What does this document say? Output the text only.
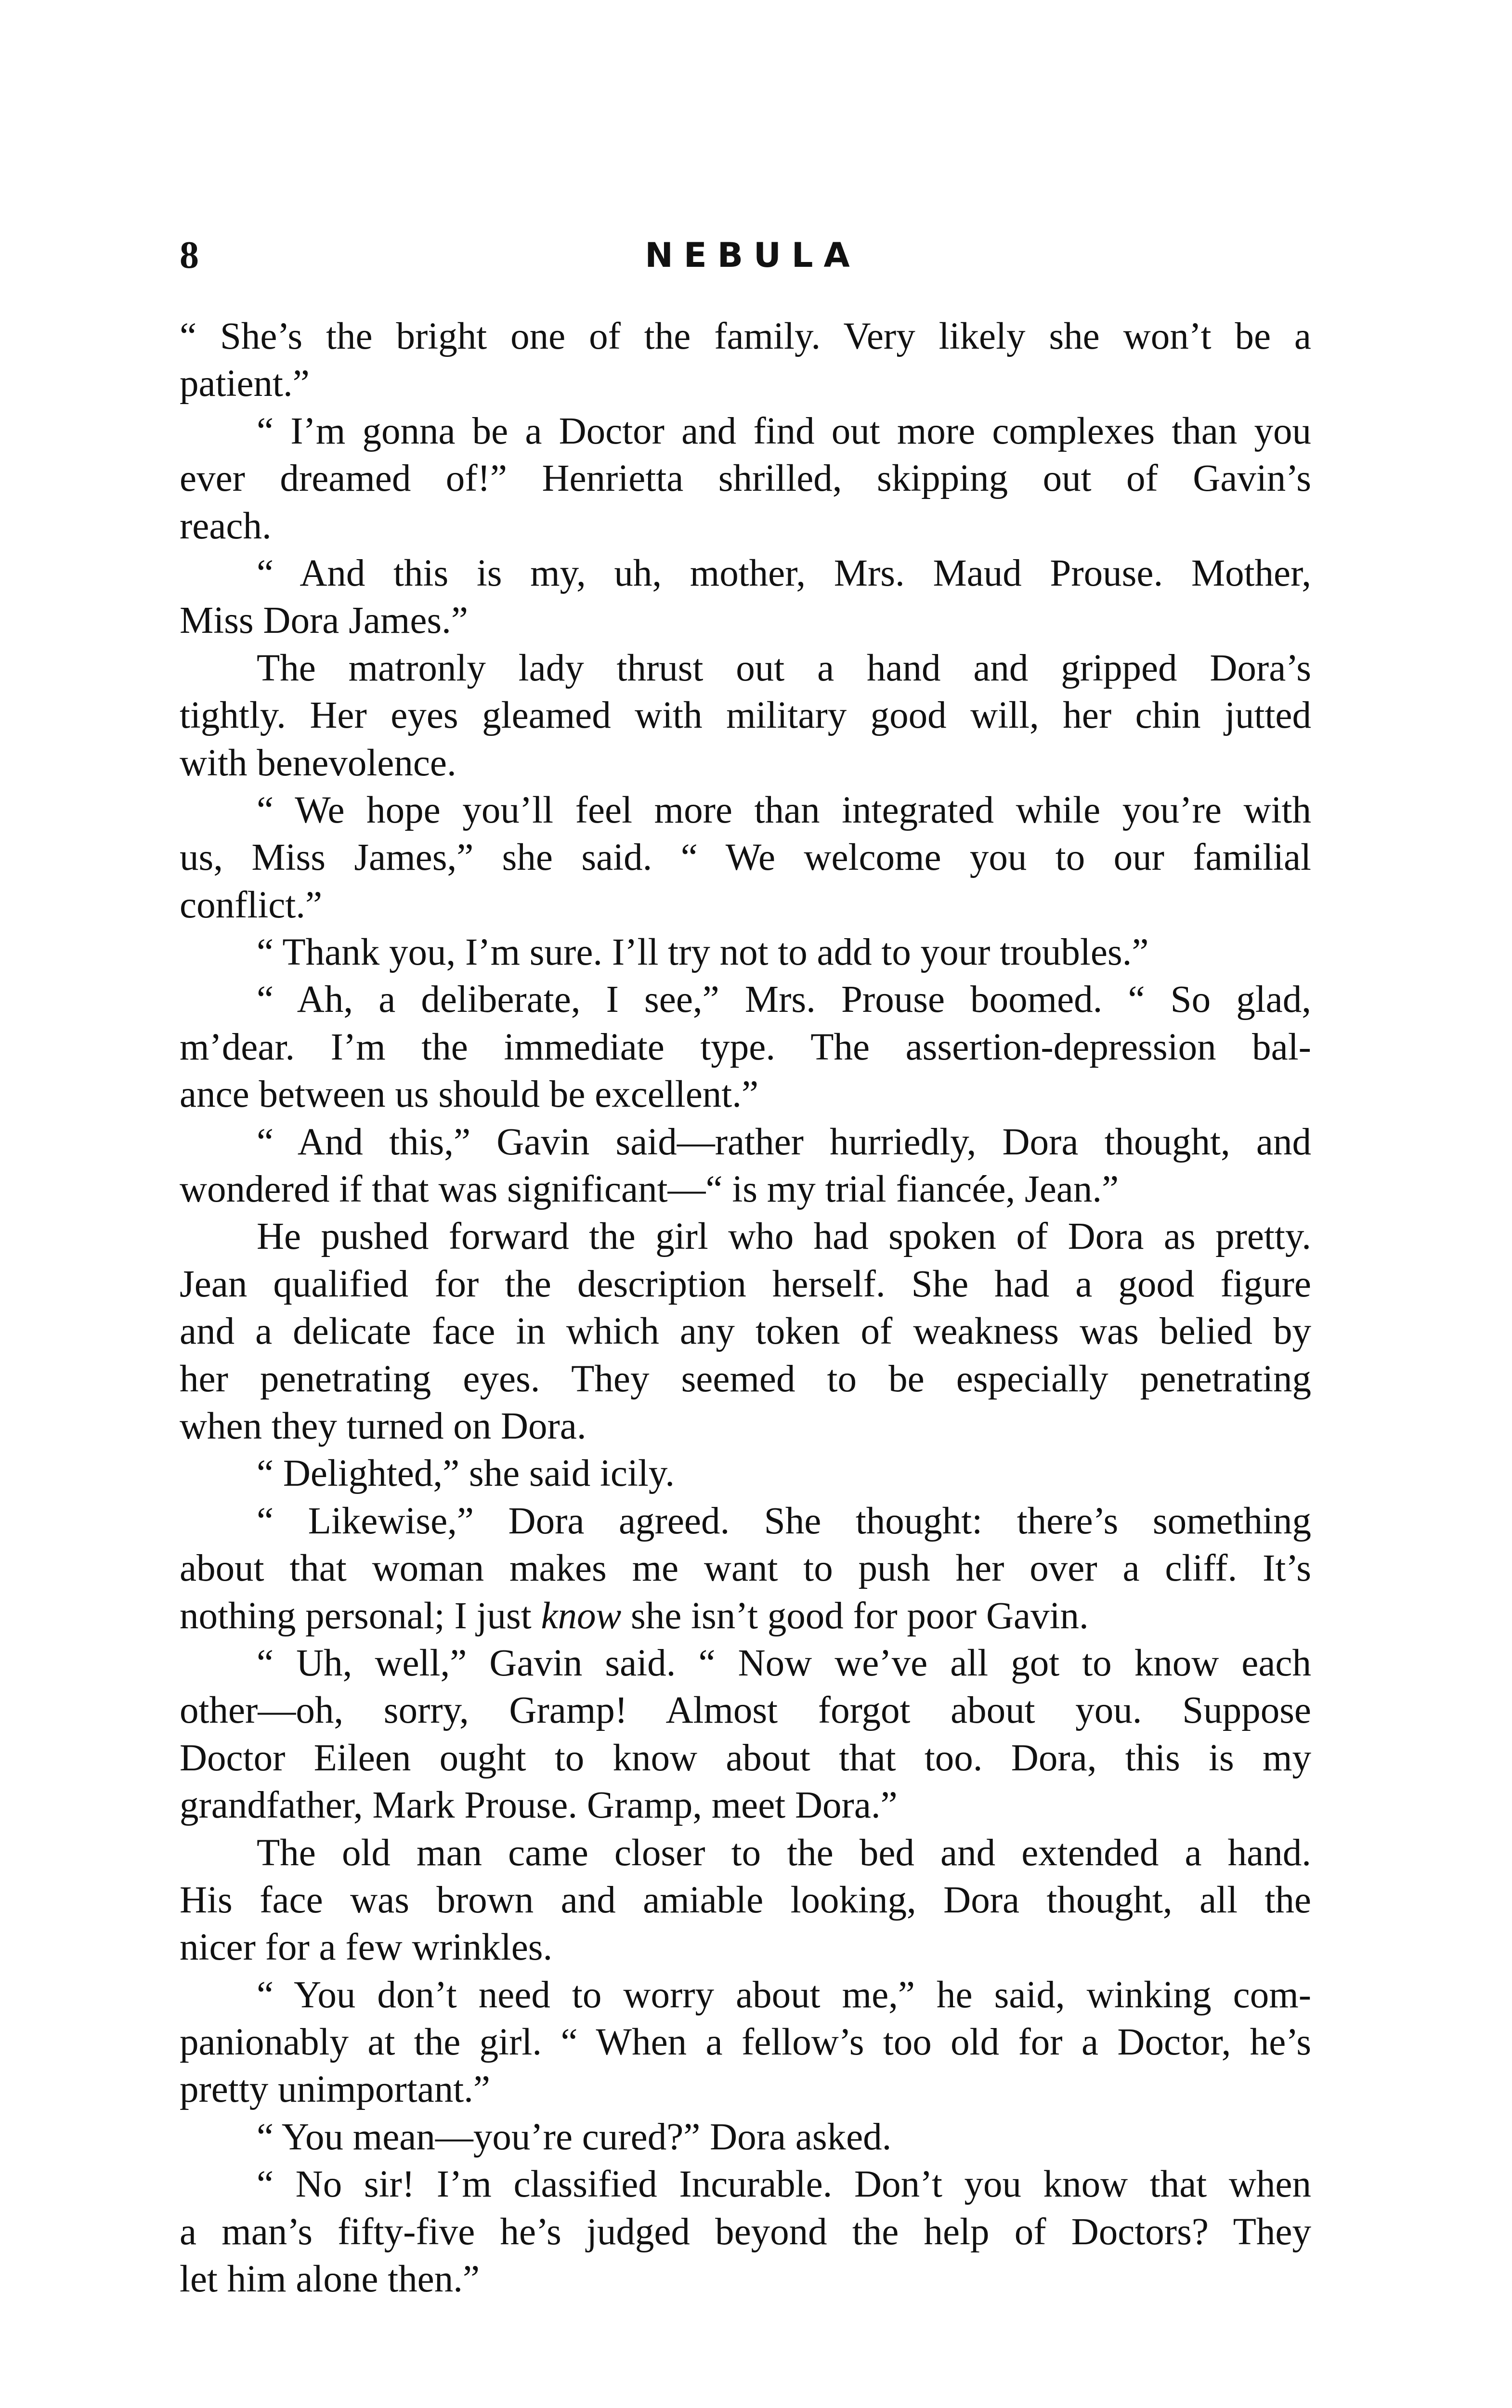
8	NEBULA
“ She’s the bright one of the family. Very likely she won’t be a
patient.”
“ I’m gonna be a Doctor and find out more complexes than you
ever dreamed of!” Henrietta shrilled, skipping out of Gavin’s
reach.
“ And this is my, uh, mother, Mrs. Maud Prouse. Mother,
Miss Dora James.”
The matronly lady thrust out a hand and gripped Dora’s
tightly. Her eyes gleamed with military good will, her chin jutted
with benevolence.
“ We hope you’ll feel more than integrated while you’re with
us, Miss James,” she said. “ We welcome you to our familial
conflict.”
“ Thank you, I’m sure. I’ll try not to add to your troubles.”
“ Ah, a deliberate, I see,” Mrs. Prouse boomed. “ So glad,
m’dear. I’m the immediate type. The assertion-depression bal-
ance between us should be excellent.”
“ And this,” Gavin said—rather hurriedly, Dora thought, and
wondered if that was significant—“ is my trial fiancée, Jean.”
He pushed forward the girl who had spoken of Dora as pretty.
Jean qualified for the description herself. She had a good figure
and a delicate face in which any token of weakness was belied by
her penetrating eyes. They seemed to be especially penetrating
when they turned on Dora.
“ Delighted,” she said icily.
“ Likewise,” Dora agreed. She thought: there’s something
about that woman makes me want to push her over a cliff. It’s
nothing personal; I just know she isn’t good for poor Gavin.
“ Uh, well,” Gavin said. “ Now we’ve all got to know each
other—oh, sorry, Gramp! Almost forgot about you. Suppose
Doctor Eileen ought to know about that too. Dora, this is my
grandfather, Mark Prouse. Gramp, meet Dora.”
The old man came closer to the bed and extended a hand.
His face was brown and amiable looking, Dora thought, all the
nicer for a few wrinkles.
“ You don’t need to worry about me,” he said, winking com-
panionably at the girl. “ When a fellow’s too old for a Doctor, he’s
pretty unimportant.”
“ You mean—you’re cured?” Dora asked.
“ No sir! I’m classified Incurable. Don’t you know that when
a man’s fifty-five he’s judged beyond the help of Doctors? They
let him alone then.”
